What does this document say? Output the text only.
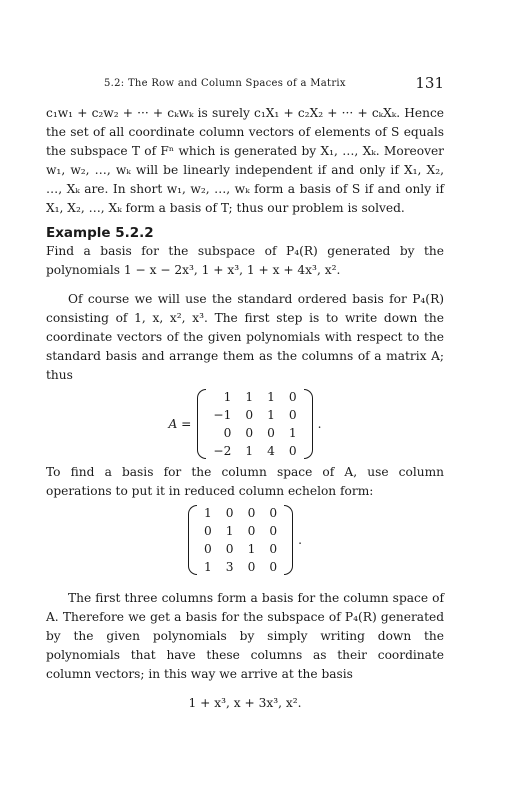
5.2: The Row and Column Spaces of a Matrix	131

c₁w₁ + c₂w₂ + ··· + cₖwₖ is surely c₁X₁ + c₂X₂ + ··· + cₖXₖ. Hence the set of all coordinate column vectors of elements of S equals the subspace T of Fⁿ which is generated by X₁, …, Xₖ. Moreover w₁, w₂, …, wₖ will be linearly independent if and only if X₁, X₂, …, Xₖ are. In short w₁, w₂, …, wₖ form a basis of S if and only if X₁, X₂, …, Xₖ form a basis of T; thus our problem is solved.

Example 5.2.2

Find a basis for the subspace of P₄(R) generated by the polynomials 1 − x − 2x³, 1 + x³, 1 + x + 4x³, x².

Of course we will use the standard ordered basis for P₄(R) consisting of 1, x, x², x³. The first step is to write down the coordinate vectors of the given polynomials with respect to the standard basis and arrange them as the columns of a matrix A; thus

A =
1	1	1	0
−1	0	1	0
0	0	0	1
−2	1	4	0
.

To find a basis for the column space of A, use column operations to put it in reduced column echelon form:

1	0	0	0
0	1	0	0
0	0	1	0
1	3	0	0
.

The first three columns form a basis for the column space of A. Therefore we get a basis for the subspace of P₄(R) generated by the given polynomials by simply writing down the polynomials that have these columns as their coordinate column vectors; in this way we arrive at the basis

1 + x³, x + 3x³, x².
